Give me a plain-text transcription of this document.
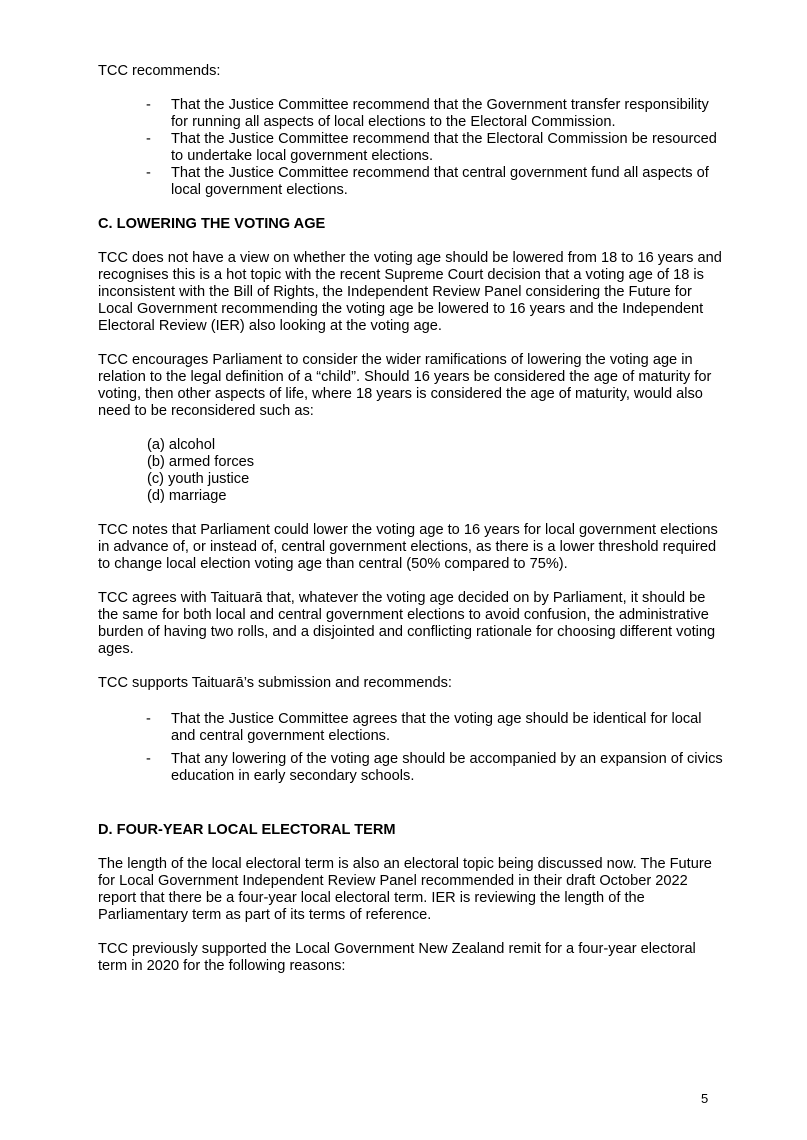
TCC recommends:

- That the Justice Committee recommend that the Government transfer responsibility for running all aspects of local elections to the Electoral Commission.
- That the Justice Committee recommend that the Electoral Commission be resourced to undertake local government elections.
- That the Justice Committee recommend that central government fund all aspects of local government elections.
C. LOWERING THE VOTING AGE

TCC does not have a view on whether the voting age should be lowered from 18 to 16 years and recognises this is a hot topic with the recent Supreme Court decision that a voting age of 18 is inconsistent with the Bill of Rights, the Independent Review Panel considering the Future for Local Government recommending the voting age be lowered to 16 years and the Independent Electoral Review (IER) also looking at the voting age.

TCC encourages Parliament to consider the wider ramifications of lowering the voting age in relation to the legal definition of a “child”. Should 16 years be considered the age of maturity for voting, then other aspects of life, where 18 years is considered the age of maturity, would also need to be reconsidered such as:

(a) alcohol
(b) armed forces
(c) youth justice
(d) marriage

TCC notes that Parliament could lower the voting age to 16 years for local government elections in advance of, or instead of, central government elections, as there is a lower threshold required to change local election voting age than central (50% compared to 75%).

TCC agrees with Taituarā that, whatever the voting age decided on by Parliament, it should be the same for both local and central government elections to avoid confusion, the administrative burden of having two rolls, and a disjointed and conflicting rationale for choosing different voting ages.

TCC supports Taituarā’s submission and recommends:

- That the Justice Committee agrees that the voting age should be identical for local and central government elections.
- That any lowering of the voting age should be accompanied by an expansion of civics education in early secondary schools.
D. FOUR-YEAR LOCAL ELECTORAL TERM

The length of the local electoral term is also an electoral topic being discussed now. The Future for Local Government Independent Review Panel recommended in their draft October 2022 report that there be a four-year local electoral term. IER is reviewing the length of the Parliamentary term as part of its terms of reference.

TCC previously supported the Local Government New Zealand remit for a four-year electoral term in 2020 for the following reasons:

5
